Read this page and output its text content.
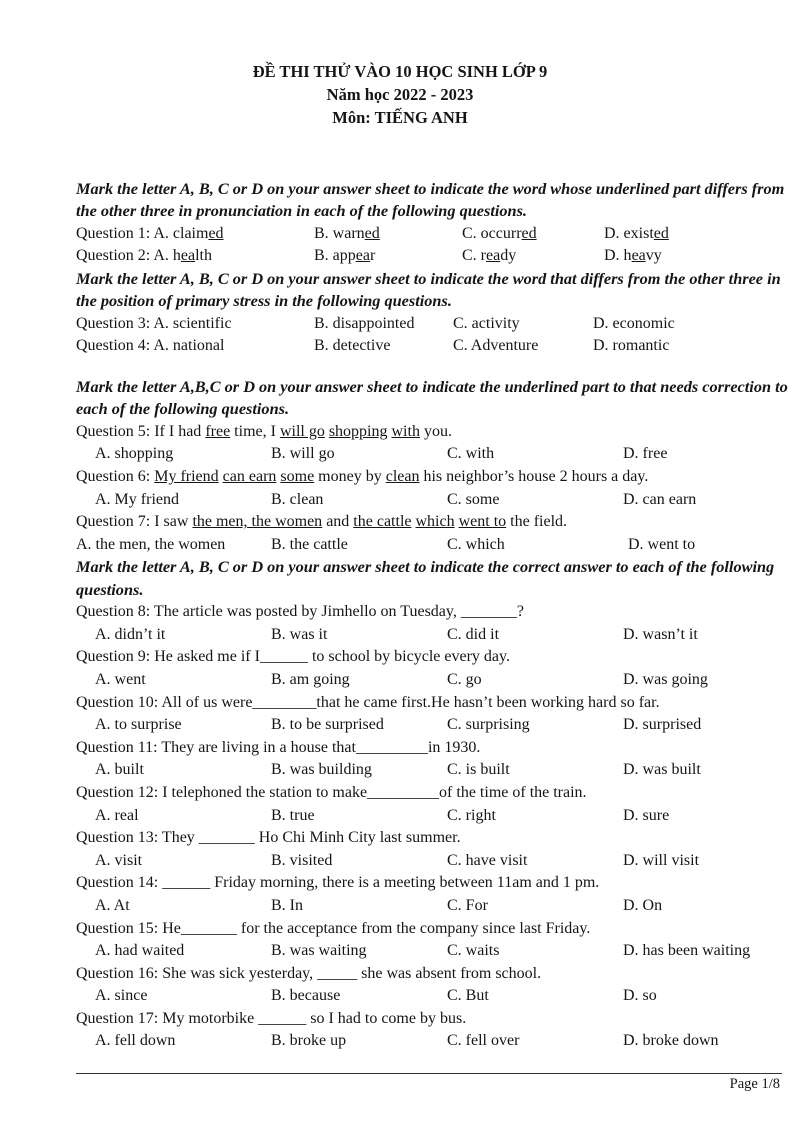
ĐỀ THI THỬ VÀO 10 HỌC SINH LỚP 9
Năm học 2022 - 2023
Môn: TIẾNG ANH
Mark the letter A, B, C or D on your answer sheet to indicate the word whose underlined part differs from the other three in pronunciation in each of the following questions.
Question 1: A. claimed	B. warned	C. occurred	D. existed
Question 2: A. health	B. appear	C. ready	D. heavy
Mark the letter A, B, C or D on your answer sheet to indicate the word that differs from the other three in the position of primary stress in the following questions.
Question 3: A. scientific	B. disappointed	C. activity	D. economic
Question 4: A. national	B. detective	C. Adventure	D. romantic
Mark the letter A,B,C or D on your answer sheet to indicate the underlined part to that needs correction to each of the following questions.
Question 5: If I had free time, I will go shopping with you.
A. shopping	B. will go	C. with	D. free
Question 6: My friend can earn some money by clean his neighbor’s house 2 hours a day.
A. My friend	B. clean	C. some	D. can earn
Question 7: I saw the men, the women and the cattle which went to the field.
A. the men, the women	B. the cattle	C. which	D. went to
Mark the letter A, B, C or D on your answer sheet to indicate the correct answer to each of the following questions.
Question 8: The article was posted by Jimhello on Tuesday, _______?
A. didn’t it	B. was it	C. did it	D. wasn’t it
Question 9: He asked me if I______ to school by bicycle every day.
A. went	B. am going	C. go	D. was going
Question 10: All of us were________that he came first.He hasn’t been working hard so far.
A. to surprise	B. to be surprised	C. surprising	D. surprised
Question 11: They are living in a house that_________in 1930.
A. built	B. was building	C. is built	D. was built
Question 12: I telephoned the station to make_________of the time of the train.
A. real	B. true	C. right	D. sure
Question 13: They _______ Ho Chi Minh City last summer.
A. visit	B. visited	C. have visit	D. will visit
Question 14: ______ Friday morning, there is a meeting between 11am and 1 pm.
A. At	B. In	C. For	D. On
Question 15: He_______ for the acceptance from the company since last Friday.
A. had waited	B. was waiting	C. waits	D. has been waiting
Question 16: She was sick yesterday, _____ she was absent from school.
A. since	B. because	C. But	D. so
Question 17: My motorbike ______ so I had to come by bus.
A. fell down	B. broke up	C. fell over	D. broke down
Page 1/8
